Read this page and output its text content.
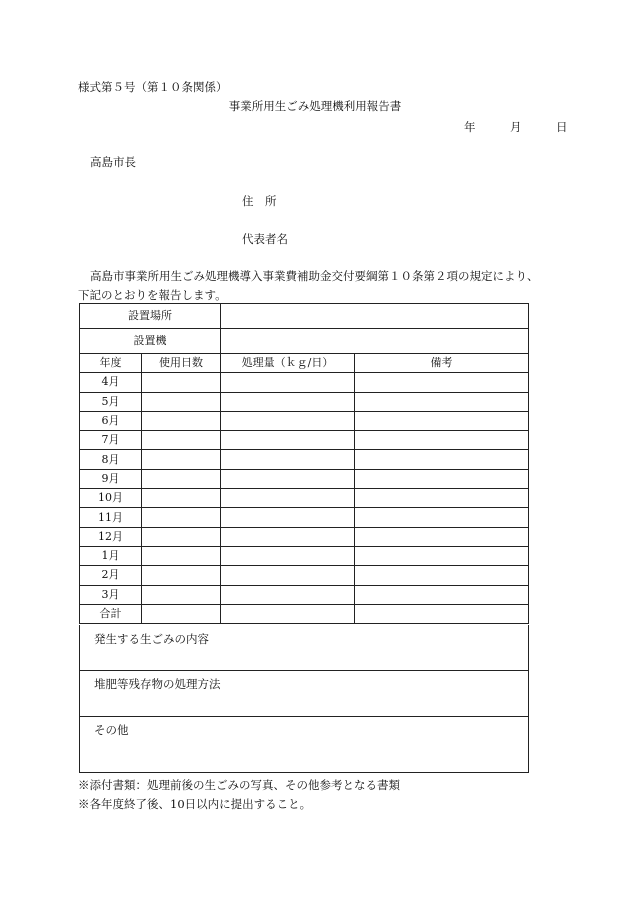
様式第５号（第１０条関係）
事業所用生ごみ処理機利用報告書
年	月	日
高島市長
住　所
代表者名
高島市事業所用生ごみ処理機導入事業費補助金交付要綱第１０条第２項の規定により、
下記のとおりを報告します。
設置場所			
設置機			
年度	使用日数	処理量（ｋｇ/日）	備考
4月			
5月			
6月			
7月			
8月			
9月			
10月			
11月			
12月			
1月			
2月			
3月			
合計			
発生する生ごみの内容
堆肥等残存物の処理方法
その他
※添付書類：処理前後の生ごみの写真、その他参考となる書類
※各年度終了後、10日以内に提出すること。
